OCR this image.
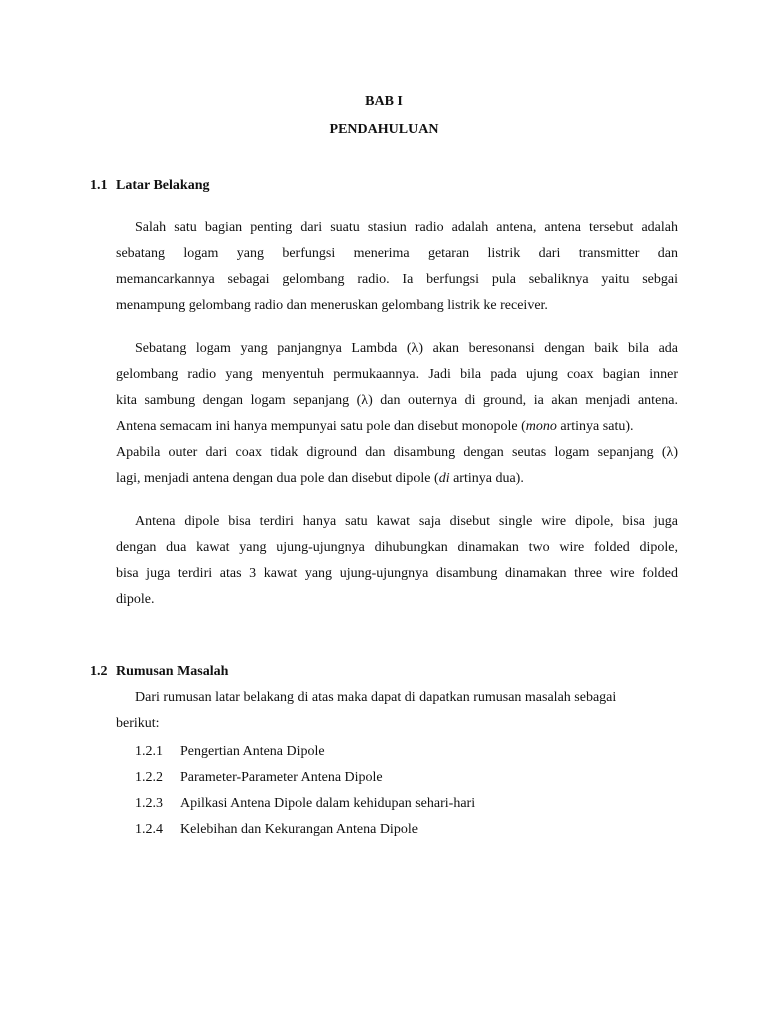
BAB I
PENDAHULUAN
1.1 Latar Belakang

Salah satu bagian penting dari suatu stasiun radio adalah antena, antena tersebut adalah
sebatang logam yang berfungsi menerima getaran listrik dari transmitter dan
memancarkannya sebagai gelombang radio. Ia berfungsi pula sebaliknya yaitu sebgai
menampung gelombang radio dan meneruskan gelombang listrik ke receiver.

Sebatang logam yang panjangnya Lambda (λ) akan beresonansi dengan baik bila ada
gelombang radio yang menyentuh permukaannya. Jadi bila pada ujung coax bagian inner
kita sambung dengan logam sepanjang (λ) dan outernya di ground, ia akan menjadi antena.
Antena semacam ini hanya mempunyai satu pole dan disebut monopole (mono artinya satu).
Apabila outer dari coax tidak diground dan disambung dengan seutas logam sepanjang (λ)
lagi, menjadi antena dengan dua pole dan disebut dipole (di artinya dua).

Antena dipole bisa terdiri hanya satu kawat saja disebut single wire dipole, bisa juga
dengan dua kawat yang ujung-ujungnya dihubungkan dinamakan two wire folded dipole,
bisa juga terdiri atas 3 kawat yang ujung-ujungnya disambung dinamakan three wire folded
dipole.

1.2 Rumusan Masalah

Dari rumusan latar belakang di atas maka dapat di dapatkan rumusan masalah sebagai
berikut:

1.2.1 Pengertian Antena Dipole
1.2.2 Parameter-Parameter Antena Dipole
1.2.3 Apilkasi Antena Dipole dalam kehidupan sehari-hari
1.2.4 Kelebihan dan Kekurangan Antena Dipole
